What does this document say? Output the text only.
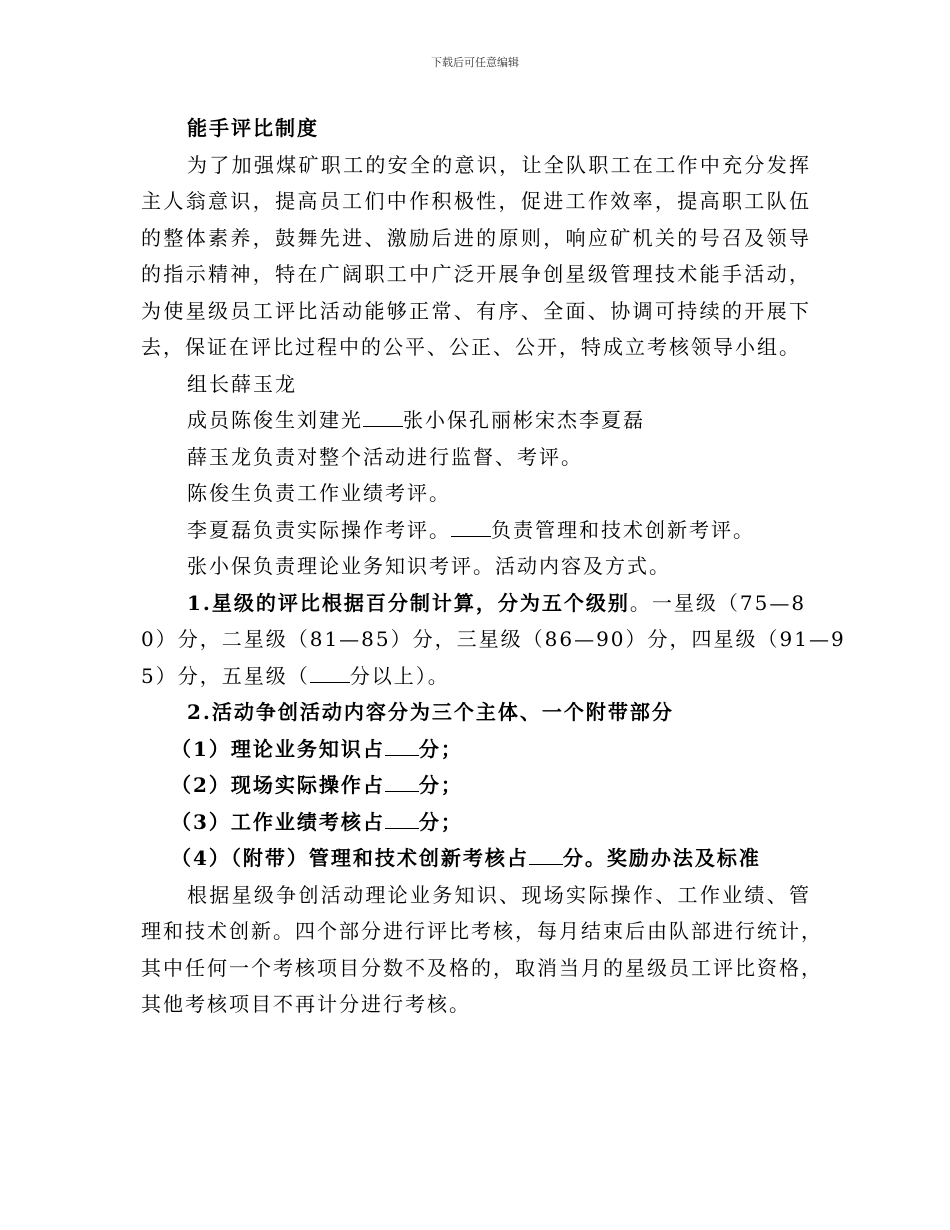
下载后可任意编辑
能手评比制度
为了加强煤矿职工的安全的意识，让全队职工在工作中充分发挥
主人翁意识，提高员工们中作积极性，促进工作效率，提高职工队伍
的整体素养，鼓舞先进、激励后进的原则，响应矿机关的号召及领导
的指示精神，特在广阔职工中广泛开展争创星级管理技术能手活动，
为使星级员工评比活动能够正常、有序、全面、协调可持续的开展下
去，保证在评比过程中的公平、公正、公开，特成立考核领导小组。
组长薛玉龙
成员陈俊生刘建光 张小保孔丽彬宋杰李夏磊
薛玉龙负责对整个活动进行监督、考评。
陈俊生负责工作业绩考评。
李夏磊负责实际操作考评。 负责管理和技术创新考评。
张小保负责理论业务知识考评。活动内容及方式。
1.星级的评比根据百分制计算，分为五个级别。一星级（75—8
0）分，二星级（81—85）分，三星级（86—90）分，四星级（91—9
5）分，五星级（ 分以上）。
2.活动争创活动内容分为三个主体、一个附带部分
（1）理论业务知识占 分；
（2）现场实际操作占 分；
（3）工作业绩考核占 分；
（4）（附带）管理和技术创新考核占 分。奖励办法及标准
根据星级争创活动理论业务知识、现场实际操作、工作业绩、管
理和技术创新。四个部分进行评比考核，每月结束后由队部进行统计，
其中任何一个考核项目分数不及格的，取消当月的星级员工评比资格，
其他考核项目不再计分进行考核。
